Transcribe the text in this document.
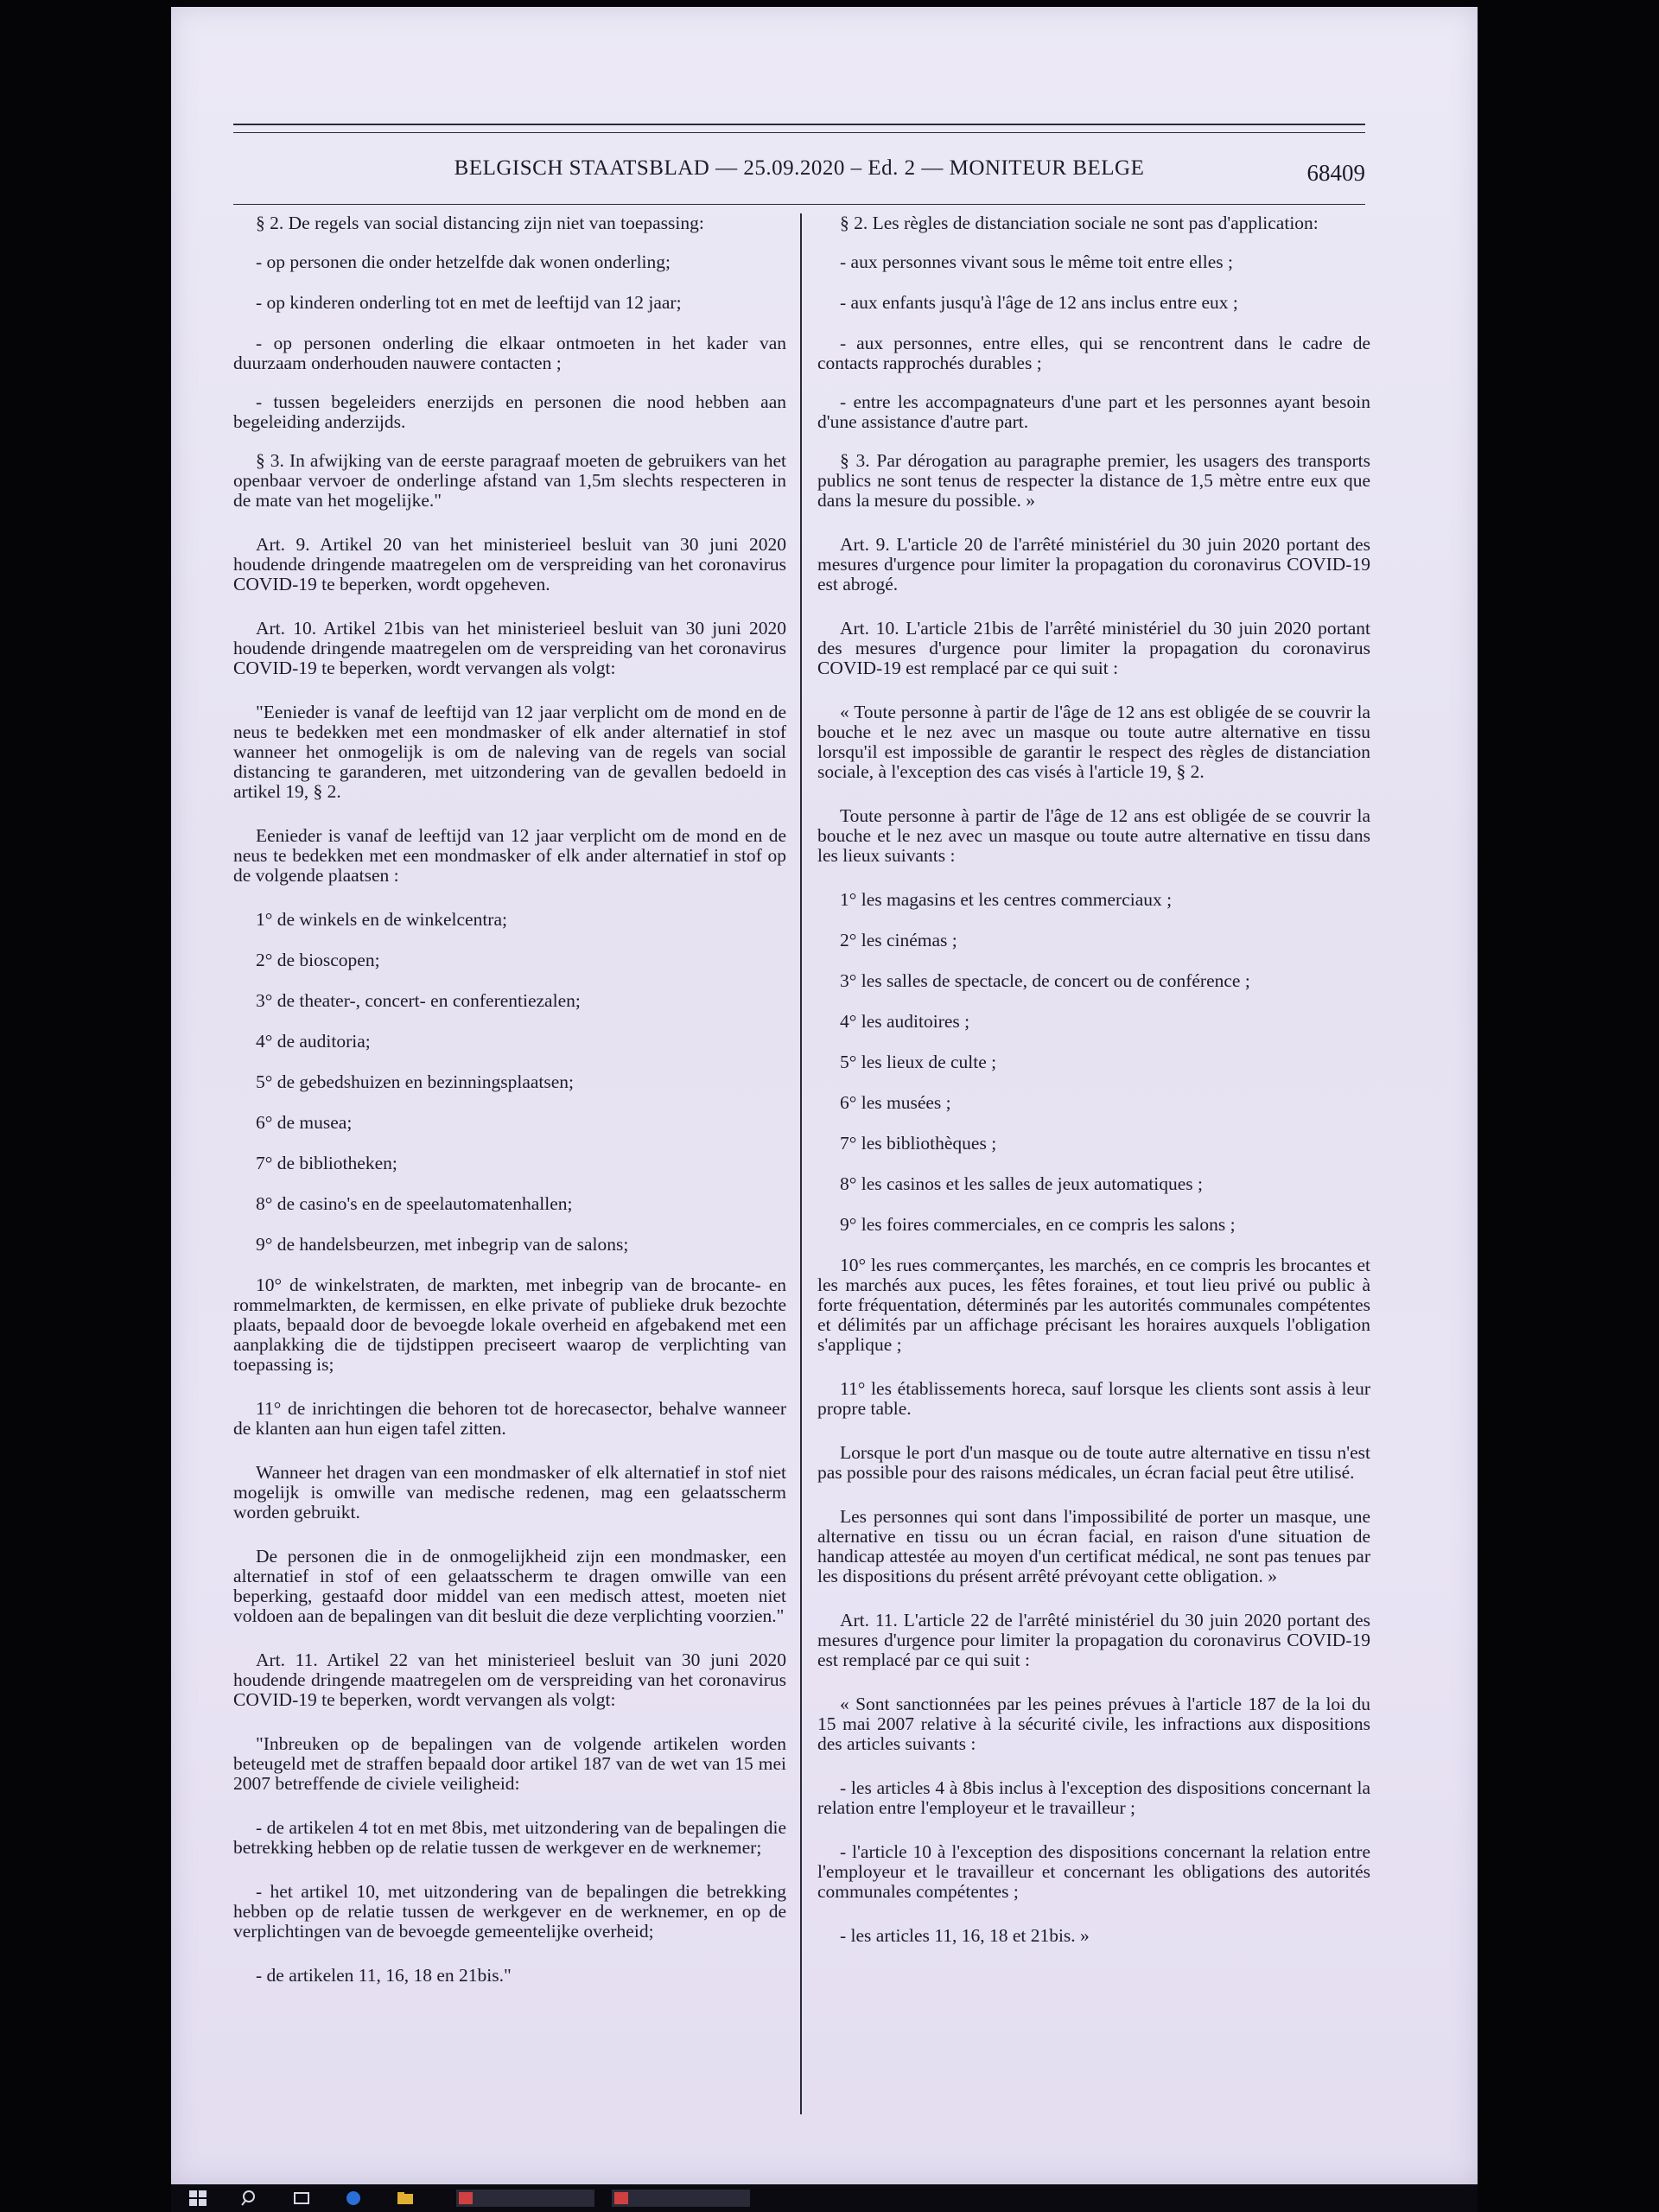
BELGISCH STAATSBLAD — 25.09.2020 – Ed. 2 — MONITEUR BELGE	68409

§ 2. De regels van social distancing zijn niet van toepassing:

- op personen die onder hetzelfde dak wonen onderling;

- op kinderen onderling tot en met de leeftijd van 12 jaar;

- op personen onderling die elkaar ontmoeten in het kader van duurzaam onderhouden nauwere contacten ;

- tussen begeleiders enerzijds en personen die nood hebben aan begeleiding anderzijds.

§ 3. In afwijking van de eerste paragraaf moeten de gebruikers van het openbaar vervoer de onderlinge afstand van 1,5m slechts respecteren in de mate van het mogelijke."

Art. 9. Artikel 20 van het ministerieel besluit van 30 juni 2020 houdende dringende maatregelen om de verspreiding van het coronavirus COVID-19 te beperken, wordt opgeheven.

Art. 10. Artikel 21bis van het ministerieel besluit van 30 juni 2020 houdende dringende maatregelen om de verspreiding van het coronavirus COVID-19 te beperken, wordt vervangen als volgt:

"Eenieder is vanaf de leeftijd van 12 jaar verplicht om de mond en de neus te bedekken met een mondmasker of elk ander alternatief in stof wanneer het onmogelijk is om de naleving van de regels van social distancing te garanderen, met uitzondering van de gevallen bedoeld in artikel 19, § 2.

Eenieder is vanaf de leeftijd van 12 jaar verplicht om de mond en de neus te bedekken met een mondmasker of elk ander alternatief in stof op de volgende plaatsen :

1° de winkels en de winkelcentra;

2° de bioscopen;

3° de theater-, concert- en conferentiezalen;

4° de auditoria;

5° de gebedshuizen en bezinningsplaatsen;

6° de musea;

7° de bibliotheken;

8° de casino's en de speelautomatenhallen;

9° de handelsbeurzen, met inbegrip van de salons;

10° de winkelstraten, de markten, met inbegrip van de brocante- en rommelmarkten, de kermissen, en elke private of publieke druk bezochte plaats, bepaald door de bevoegde lokale overheid en afgebakend met een aanplakking die de tijdstippen preciseert waarop de verplichting van toepassing is;

11° de inrichtingen die behoren tot de horecasector, behalve wanneer de klanten aan hun eigen tafel zitten.

Wanneer het dragen van een mondmasker of elk alternatief in stof niet mogelijk is omwille van medische redenen, mag een gelaatsscherm worden gebruikt.

De personen die in de onmogelijkheid zijn een mondmasker, een alternatief in stof of een gelaatsscherm te dragen omwille van een beperking, gestaafd door middel van een medisch attest, moeten niet voldoen aan de bepalingen van dit besluit die deze verplichting voorzien."

Art. 11. Artikel 22 van het ministerieel besluit van 30 juni 2020 houdende dringende maatregelen om de verspreiding van het coronavirus COVID-19 te beperken, wordt vervangen als volgt:

"Inbreuken op de bepalingen van de volgende artikelen worden beteugeld met de straffen bepaald door artikel 187 van de wet van 15 mei 2007 betreffende de civiele veiligheid:

- de artikelen 4 tot en met 8bis, met uitzondering van de bepalingen die betrekking hebben op de relatie tussen de werkgever en de werknemer;

- het artikel 10, met uitzondering van de bepalingen die betrekking hebben op de relatie tussen de werkgever en de werknemer, en op de verplichtingen van de bevoegde gemeentelijke overheid;

- de artikelen 11, 16, 18 en 21bis."

§ 2. Les règles de distanciation sociale ne sont pas d'application:

- aux personnes vivant sous le même toit entre elles ;

- aux enfants jusqu'à l'âge de 12 ans inclus entre eux ;

- aux personnes, entre elles, qui se rencontrent dans le cadre de contacts rapprochés durables ;

- entre les accompagnateurs d'une part et les personnes ayant besoin d'une assistance d'autre part.

§ 3. Par dérogation au paragraphe premier, les usagers des transports publics ne sont tenus de respecter la distance de 1,5 mètre entre eux que dans la mesure du possible. »

Art. 9. L'article 20 de l'arrêté ministériel du 30 juin 2020 portant des mesures d'urgence pour limiter la propagation du coronavirus COVID-19 est abrogé.

Art. 10. L'article 21bis de l'arrêté ministériel du 30 juin 2020 portant des mesures d'urgence pour limiter la propagation du coronavirus COVID-19 est remplacé par ce qui suit :

« Toute personne à partir de l'âge de 12 ans est obligée de se couvrir la bouche et le nez avec un masque ou toute autre alternative en tissu lorsqu'il est impossible de garantir le respect des règles de distanciation sociale, à l'exception des cas visés à l'article 19, § 2.

Toute personne à partir de l'âge de 12 ans est obligée de se couvrir la bouche et le nez avec un masque ou toute autre alternative en tissu dans les lieux suivants :

1° les magasins et les centres commerciaux ;

2° les cinémas ;

3° les salles de spectacle, de concert ou de conférence ;

4° les auditoires ;

5° les lieux de culte ;

6° les musées ;

7° les bibliothèques ;

8° les casinos et les salles de jeux automatiques ;

9° les foires commerciales, en ce compris les salons ;

10° les rues commerçantes, les marchés, en ce compris les brocantes et les marchés aux puces, les fêtes foraines, et tout lieu privé ou public à forte fréquentation, déterminés par les autorités communales compétentes et délimités par un affichage précisant les horaires auxquels l'obligation s'applique ;

11° les établissements horeca, sauf lorsque les clients sont assis à leur propre table.

Lorsque le port d'un masque ou de toute autre alternative en tissu n'est pas possible pour des raisons médicales, un écran facial peut être utilisé.

Les personnes qui sont dans l'impossibilité de porter un masque, une alternative en tissu ou un écran facial, en raison d'une situation de handicap attestée au moyen d'un certificat médical, ne sont pas tenues par les dispositions du présent arrêté prévoyant cette obligation. »

Art. 11. L'article 22 de l'arrêté ministériel du 30 juin 2020 portant des mesures d'urgence pour limiter la propagation du coronavirus COVID-19 est remplacé par ce qui suit :

« Sont sanctionnées par les peines prévues à l'article 187 de la loi du 15 mai 2007 relative à la sécurité civile, les infractions aux dispositions des articles suivants :

- les articles 4 à 8bis inclus à l'exception des dispositions concernant la relation entre l'employeur et le travailleur ;

- l'article 10 à l'exception des dispositions concernant la relation entre l'employeur et le travailleur et concernant les obligations des autorités communales compétentes ;

- les articles 11, 16, 18 et 21bis. »
